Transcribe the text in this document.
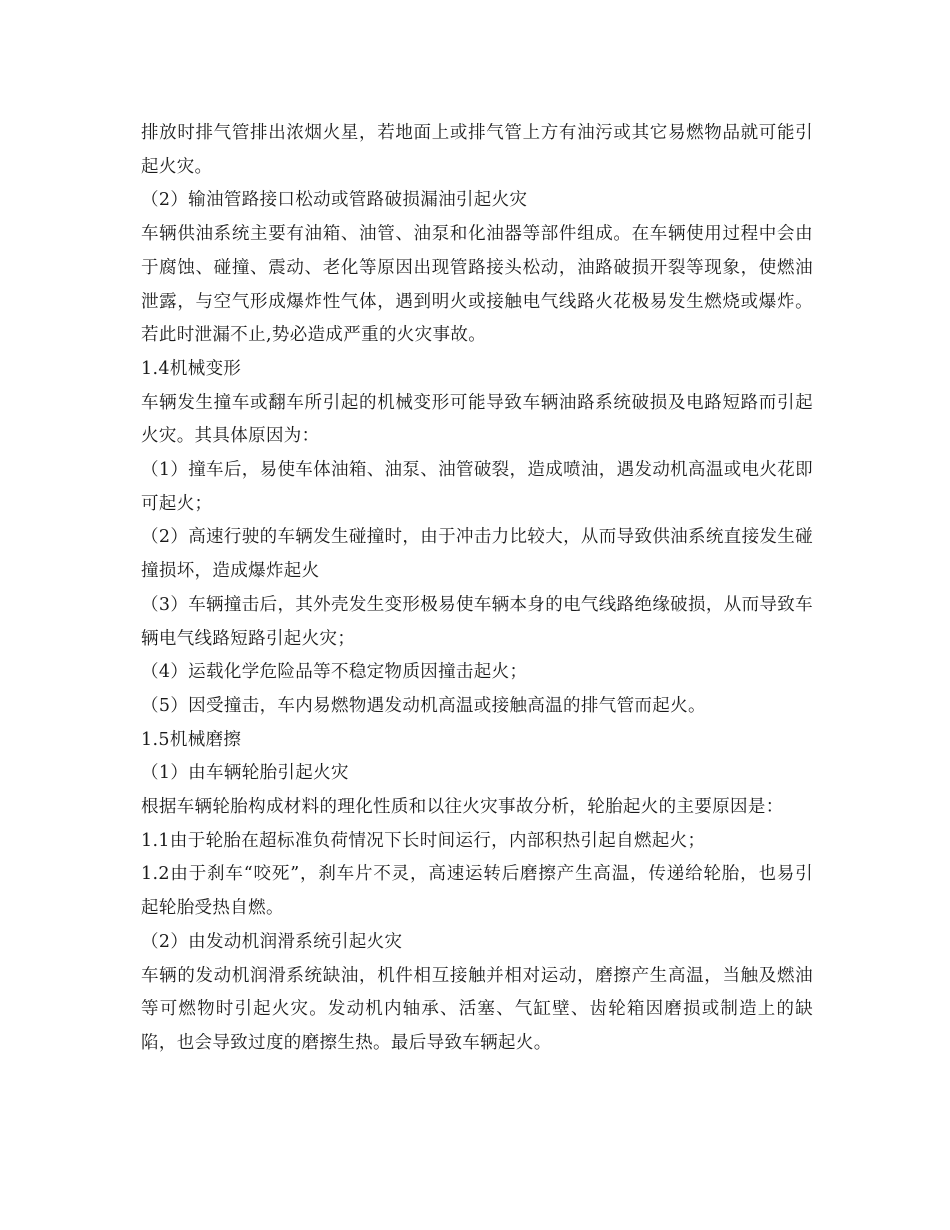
排放时排气管排出浓烟火星，若地面上或排气管上方有油污或其它易燃物品就可能引起火灾。

（2）输油管路接口松动或管路破损漏油引起火灾

车辆供油系统主要有油箱、油管、油泵和化油器等部件组成。在车辆使用过程中会由于腐蚀、碰撞、震动、老化等原因出现管路接头松动，油路破损开裂等现象，使燃油泄露，与空气形成爆炸性气体，遇到明火或接触电气线路火花极易发生燃烧或爆炸。若此时泄漏不止,势必造成严重的火灾事故。

1.4机械变形

车辆发生撞车或翻车所引起的机械变形可能导致车辆油路系统破损及电路短路而引起火灾。其具体原因为：

（1）撞车后，易使车体油箱、油泵、油管破裂，造成喷油，遇发动机高温或电火花即可起火；

（2）高速行驶的车辆发生碰撞时，由于冲击力比较大，从而导致供油系统直接发生碰撞损坏，造成爆炸起火

（3）车辆撞击后，其外壳发生变形极易使车辆本身的电气线路绝缘破损，从而导致车辆电气线路短路引起火灾；

（4）运载化学危险品等不稳定物质因撞击起火；

（5）因受撞击，车内易燃物遇发动机高温或接触高温的排气管而起火。

1.5机械磨擦

（1）由车辆轮胎引起火灾

根据车辆轮胎构成材料的理化性质和以往火灾事故分析，轮胎起火的主要原因是：

1.1由于轮胎在超标准负荷情况下长时间运行，内部积热引起自燃起火；

1.2由于刹车“咬死”，刹车片不灵，高速运转后磨擦产生高温，传递给轮胎，也易引起轮胎受热自燃。

（2）由发动机润滑系统引起火灾

车辆的发动机润滑系统缺油，机件相互接触并相对运动，磨擦产生高温，当触及燃油等可燃物时引起火灾。发动机内轴承、活塞、气缸壁、齿轮箱因磨损或制造上的缺陷，也会导致过度的磨擦生热。最后导致车辆起火。
